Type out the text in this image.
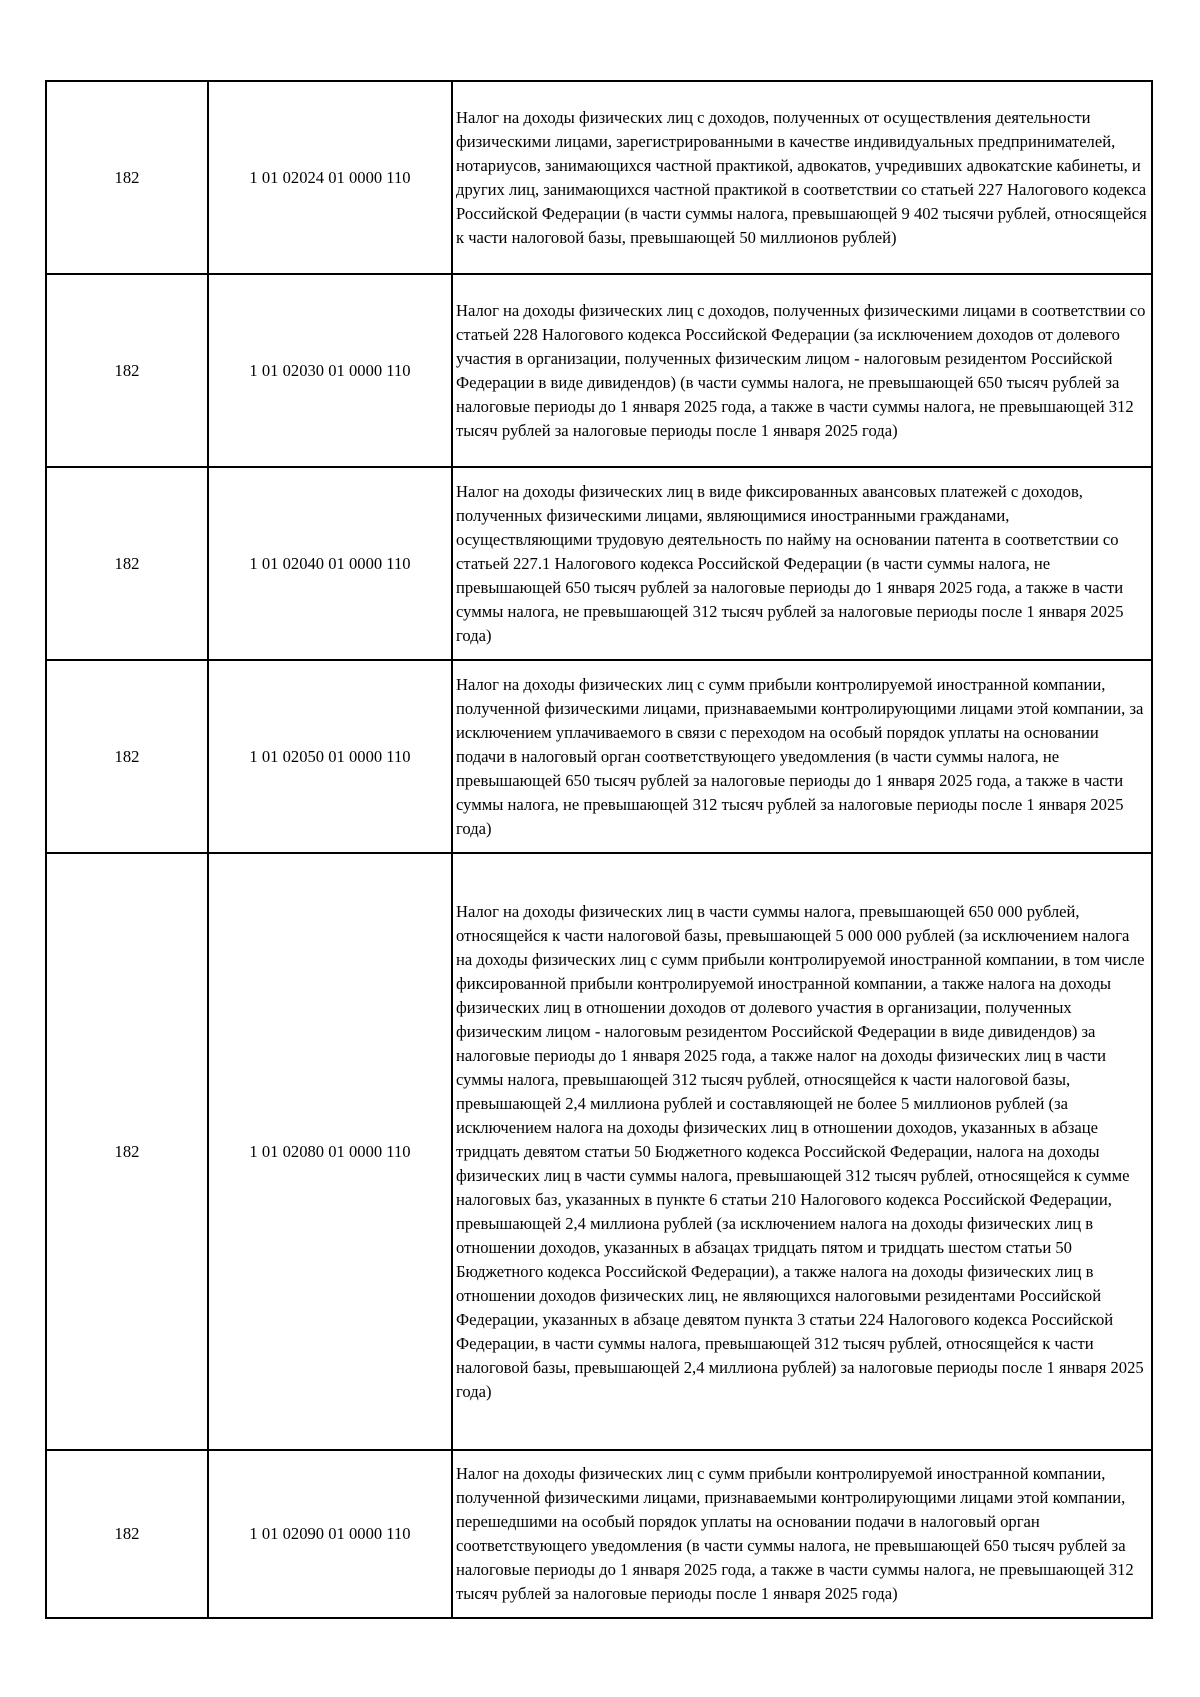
182	1 01 02024 01 0000 110	Налог на доходы физических лиц с доходов, полученных от осуществления деятельности физическими лицами, зарегистрированными в качестве индивидуальных предпринимателей, нотариусов, занимающихся частной практикой, адвокатов, учредивших адвокатские кабинеты, и других лиц, занимающихся частной практикой в соответствии со статьей 227 Налогового кодекса Российской Федерации (в части суммы налога, превышающей 9 402 тысячи рублей, относящейся к части налоговой базы, превышающей 50 миллионов рублей)

182	1 01 02030 01 0000 110	Налог на доходы физических лиц с доходов, полученных физическими лицами в соответствии со статьей 228 Налогового кодекса Российской Федерации (за исключением доходов от долевого участия в организации, полученных физическим лицом - налоговым резидентом Российской Федерации в виде дивидендов) (в части суммы налога, не превышающей 650 тысяч рублей за налоговые периоды до 1 января 2025 года, а также в части суммы налога, не превышающей 312 тысяч рублей за налоговые периоды после 1 января 2025 года)

182	1 01 02040 01 0000 110	Налог на доходы физических лиц в виде фиксированных авансовых платежей с доходов, полученных физическими лицами, являющимися иностранными гражданами, осуществляющими трудовую деятельность по найму на основании патента в соответствии со статьей 227.1 Налогового кодекса Российской Федерации (в части суммы налога, не превышающей 650 тысяч рублей за налоговые периоды до 1 января 2025 года, а также в части суммы налога, не превышающей 312 тысяч рублей за налоговые периоды после 1 января 2025 года)

182	1 01 02050 01 0000 110	Налог на доходы физических лиц с сумм прибыли контролируемой иностранной компании, полученной физическими лицами, признаваемыми контролирующими лицами этой компании, за исключением уплачиваемого в связи с переходом на особый порядок уплаты на основании подачи в налоговый орган соответствующего уведомления (в части суммы налога, не превышающей 650 тысяч рублей за налоговые периоды до 1 января 2025 года, а также в части суммы налога, не превышающей 312 тысяч рублей за налоговые периоды после 1 января 2025 года)

182	1 01 02080 01 0000 110	Налог на доходы физических лиц в части суммы налога, превышающей 650 000 рублей, относящейся к части налоговой базы, превышающей 5 000 000 рублей (за исключением налога на доходы физических лиц с сумм прибыли контролируемой иностранной компании, в том числе фиксированной прибыли контролируемой иностранной компании, а также налога на доходы физических лиц в отношении доходов от долевого участия в организации, полученных физическим лицом - налоговым резидентом Российской Федерации в виде дивидендов) за налоговые периоды до 1 января 2025 года, а также налог на доходы физических лиц в части суммы налога, превышающей 312 тысяч рублей, относящейся к части налоговой базы, превышающей 2,4 миллиона рублей и составляющей не более 5 миллионов рублей (за исключением налога на доходы физических лиц в отношении доходов, указанных в абзаце тридцать девятом статьи 50 Бюджетного кодекса Российской Федерации, налога на доходы физических лиц в части суммы налога, превышающей 312 тысяч рублей, относящейся к сумме налоговых баз, указанных в пункте 6 статьи 210 Налогового кодекса Российской Федерации, превышающей 2,4 миллиона рублей (за исключением налога на доходы физических лиц в отношении доходов, указанных в абзацах тридцать пятом и тридцать шестом статьи 50 Бюджетного кодекса Российской Федерации), а также налога на доходы физических лиц в отношении доходов физических лиц, не являющихся налоговыми резидентами Российской Федерации, указанных в абзаце девятом пункта 3 статьи 224 Налогового кодекса Российской Федерации, в части суммы налога, превышающей 312 тысяч рублей, относящейся к части налоговой базы, превышающей 2,4 миллиона рублей) за налоговые периоды после 1 января 2025 года)

182	1 01 02090 01 0000 110	Налог на доходы физических лиц с сумм прибыли контролируемой иностранной компании, полученной физическими лицами, признаваемыми контролирующими лицами этой компании, перешедшими на особый порядок уплаты на основании подачи в налоговый орган соответствующего уведомления (в части суммы налога, не превышающей 650 тысяч рублей за налоговые периоды до 1 января 2025 года, а также в части суммы налога, не превышающей 312 тысяч рублей за налоговые периоды после 1 января 2025 года)
